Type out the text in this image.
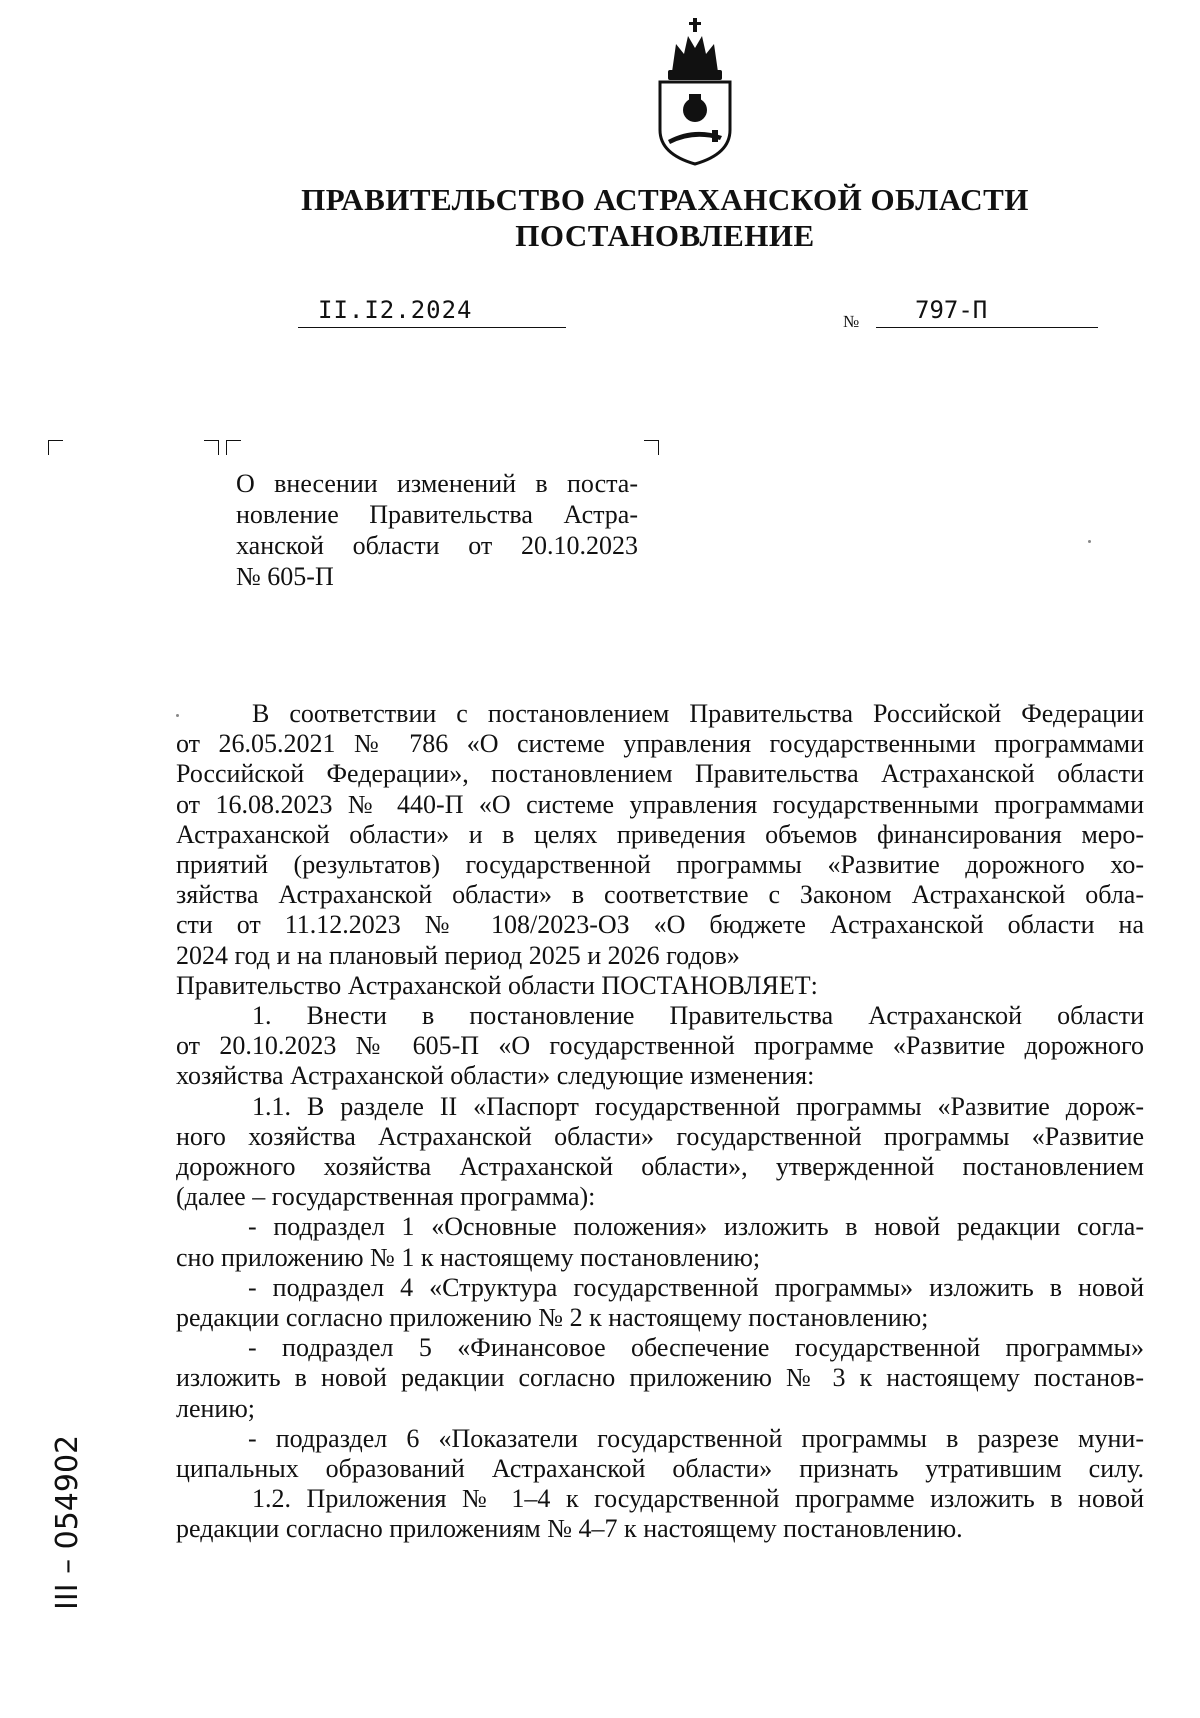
ПРАВИТЕЛЬСТВО АСТРАХАНСКОЙ ОБЛАСТИ
ПОСТАНОВЛЕНИЕ
II.I2.2024	№ 797-П
О внесении изменений в поста-
новление Правительства Астра-
ханской области от 20.10.2023
№ 605-П
В соответствии с постановлением Правительства Российской Федерации
от 26.05.2021 № 786 «О системе управления государственными программами
Российской Федерации», постановлением Правительства Астраханской области
от 16.08.2023 № 440-П «О системе управления государственными программами
Астраханской области» и в целях приведения объемов финансирования меро-
приятий (результатов) государственной программы «Развитие дорожного хо-
зяйства Астраханской области» в соответствие с Законом Астраханской обла-
сти от 11.12.2023 № 108/2023-ОЗ «О бюджете Астраханской области на
2024 год и на плановый период 2025 и 2026 годов»
Правительство Астраханской области ПОСТАНОВЛЯЕТ:
1. Внести в постановление Правительства Астраханской области
от 20.10.2023 № 605-П «О государственной программе «Развитие дорожного
хозяйства Астраханской области» следующие изменения:
1.1. В разделе II «Паспорт государственной программы «Развитие дорож-
ного хозяйства Астраханской области» государственной программы «Развитие
дорожного хозяйства Астраханской области», утвержденной постановлением
(далее – государственная программа):
- подраздел 1 «Основные положения» изложить в новой редакции согла-
сно приложению № 1 к настоящему постановлению;
- подраздел 4 «Структура государственной программы» изложить в новой
редакции согласно приложению № 2 к настоящему постановлению;
- подраздел 5 «Финансовое обеспечение государственной программы»
изложить в новой редакции согласно приложению № 3 к настоящему постанов-
лению;
- подраздел 6 «Показатели государственной программы в разрезе муни-
ципальных образований Астраханской области» признать утратившим силу.
1.2. Приложения № 1–4 к государственной программе изложить в новой
редакции согласно приложениям № 4–7 к настоящему постановлению.
III – 054902
